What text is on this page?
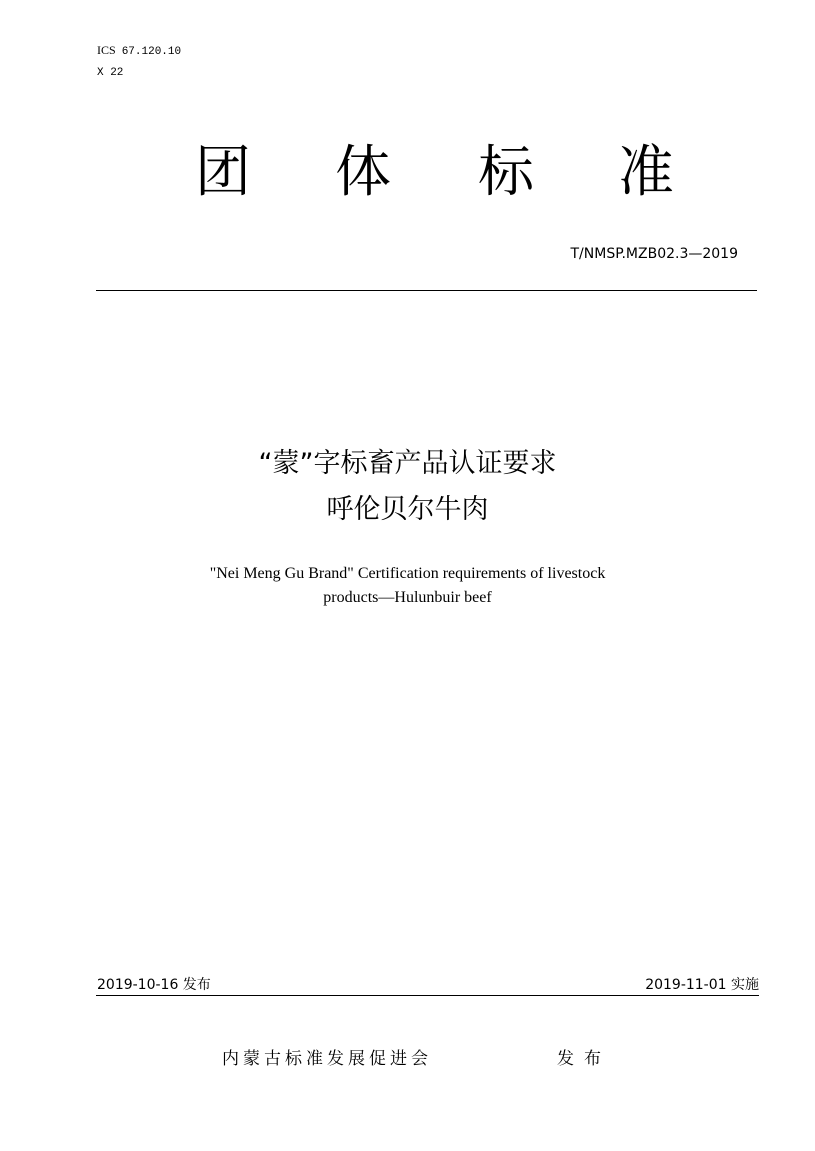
ICS 67.120.10
X 22
团 体 标 准
T/NMSP.MZB02.3—2019
“蒙”字标畜产品认证要求
呼伦贝尔牛肉
"Nei Meng Gu Brand" Certification requirements of livestock
products—Hulunbuir beef
2019-10-16 发布	2019-11-01 实施
内蒙古标准发展促进会	发布
